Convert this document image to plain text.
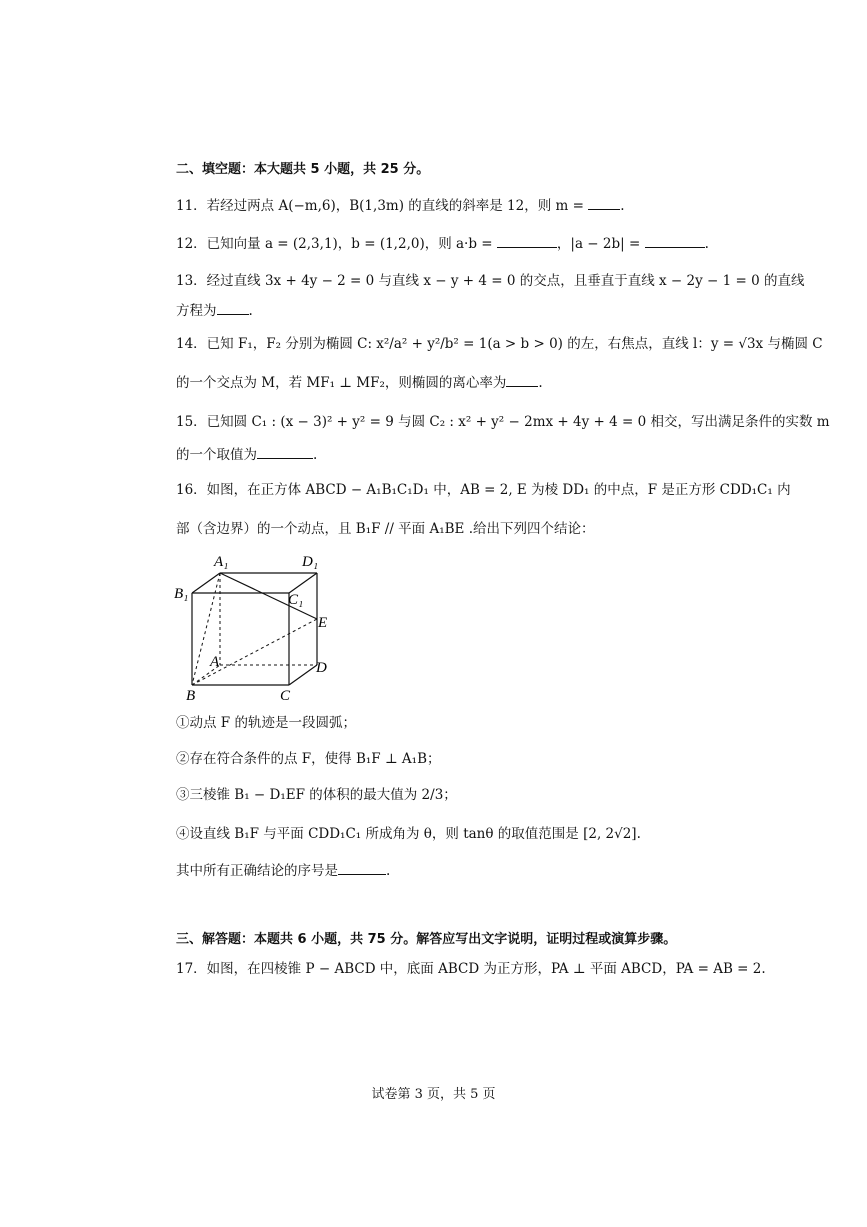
二、填空题：本大题共 5 小题，共 25 分。
11．若经过两点 A(−m,6)，B(1,3m) 的直线的斜率是 12，则 m =	.
12．已知向量 a = (2,3,1)，b = (1,2,0)，则 a·b =	，|a − 2b| =	.
13．经过直线 3x + 4y − 2 = 0 与直线 x − y + 4 = 0 的交点，且垂直于直线 x − 2y − 1 = 0 的直线
方程为 .
14．已知 F₁，F₂ 分别为椭圆 C: x²/a² + y²/b² = 1(a > b > 0) 的左，右焦点，直线 l：y = √3x 与椭圆 C
的一个交点为 M，若 MF₁ ⊥ MF₂，则椭圆的离心率为 .
15．已知圆 C₁ : (x − 3)² + y² = 9 与圆 C₂ : x² + y² − 2mx + 4y + 4 = 0 相交，写出满足条件的实数 m
的一个取值为	.
16．如图，在正方体 ABCD − A₁B₁C₁D₁ 中，AB = 2, E 为棱 DD₁ 的中点，F 是正方形 CDD₁C₁ 内
部（含边界）的一个动点，且 B₁F // 平面 A₁BE .给出下列四个结论：
A₁	D₁
B₁	C₁
E
A	D
B	C
①动点 F 的轨迹是一段圆弧；
②存在符合条件的点 F，使得 B₁F ⊥ A₁B；
③三棱锥 B₁ − D₁EF 的体积的最大值为 2/3；
④设直线 B₁F 与平面 CDD₁C₁ 所成角为 θ，则 tanθ 的取值范围是 [2, 2√2].
其中所有正确结论的序号是	.
三、解答题：本题共 6 小题，共 75 分。解答应写出文字说明，证明过程或演算步骤。
17．如图，在四棱锥 P − ABCD 中，底面 ABCD 为正方形，PA ⊥ 平面 ABCD，PA = AB = 2.
试卷第 3 页，共 5 页
